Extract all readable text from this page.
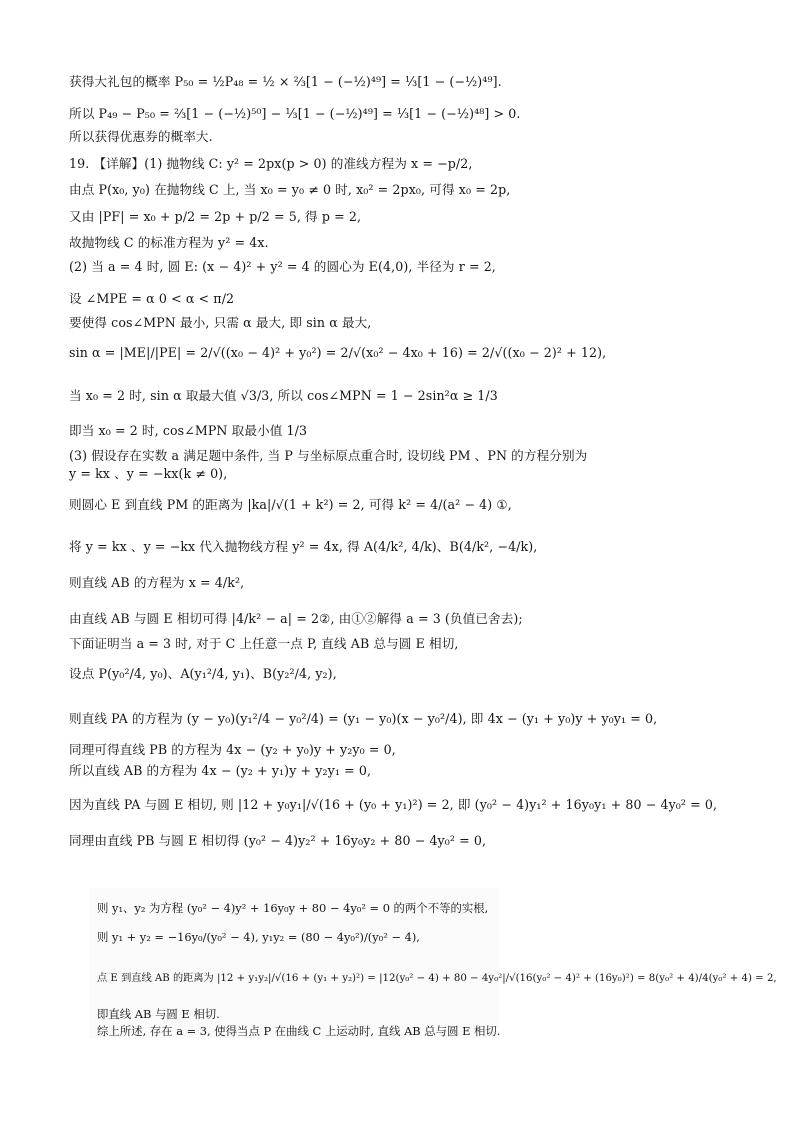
获得大礼包的概率 P₅₀ = ½P₄₈ = ½ × ⅔[1 − (−½)⁴⁹] = ⅓[1 − (−½)⁴⁹].
所以 P₄₉ − P₅₀ = ⅔[1 − (−½)⁵⁰] − ⅓[1 − (−½)⁴⁹] = ⅓[1 − (−½)⁴⁸] > 0.
所以获得优惠券的概率大.
19. 【详解】(1) 抛物线 C: y² = 2px(p > 0) 的准线方程为 x = −p/2,
由点 P(x₀, y₀) 在抛物线 C 上, 当 x₀ = y₀ ≠ 0 时, x₀² = 2px₀, 可得 x₀ = 2p,
又由 |PF| = x₀ + p/2 = 2p + p/2 = 5, 得 p = 2,
故抛物线 C 的标准方程为 y² = 4x.
(2) 当 a = 4 时, 圆 E: (x − 4)² + y² = 4 的圆心为 E(4,0), 半径为 r = 2,
设 ∠MPE = α 0 < α < π/2
要使得 cos∠MPN 最小, 只需 α 最大, 即 sin α 最大,
sin α = |ME|/|PE| = 2/√((x₀ − 4)² + y₀²) = 2/√(x₀² − 4x₀ + 16) = 2/√((x₀ − 2)² + 12),
当 x₀ = 2 时, sin α 取最大值 √3/3, 所以 cos∠MPN = 1 − 2sin²α ≥ 1/3
即当 x₀ = 2 时, cos∠MPN 取最小值 1/3
(3) 假设存在实数 a 满足题中条件, 当 P 与坐标原点重合时, 设切线 PM 、PN 的方程分别为
y = kx 、y = −kx(k ≠ 0),
则圆心 E 到直线 PM 的距离为 |ka|/√(1 + k²) = 2, 可得 k² = 4/(a² − 4) ①,
将 y = kx 、y = −kx 代入抛物线方程 y² = 4x, 得 A(4/k², 4/k)、B(4/k², −4/k),
则直线 AB 的方程为 x = 4/k²,
由直线 AB 与圆 E 相切可得 |4/k² − a| = 2②, 由①②解得 a = 3 (负值已舍去);
下面证明当 a = 3 时, 对于 C 上任意一点 P, 直线 AB 总与圆 E 相切,
设点 P(y₀²/4, y₀)、A(y₁²/4, y₁)、B(y₂²/4, y₂),
则直线 PA 的方程为 (y − y₀)(y₁²/4 − y₀²/4) = (y₁ − y₀)(x − y₀²/4), 即 4x − (y₁ + y₀)y + y₀y₁ = 0,
同理可得直线 PB 的方程为 4x − (y₂ + y₀)y + y₂y₀ = 0,
所以直线 AB 的方程为 4x − (y₂ + y₁)y + y₂y₁ = 0,
因为直线 PA 与圆 E 相切, 则 |12 + y₀y₁|/√(16 + (y₀ + y₁)²) = 2, 即 (y₀² − 4)y₁² + 16y₀y₁ + 80 − 4y₀² = 0,
同理由直线 PB 与圆 E 相切得 (y₀² − 4)y₂² + 16y₀y₂ + 80 − 4y₀² = 0,
则 y₁、y₂ 为方程 (y₀² − 4)y² + 16y₀y + 80 − 4y₀² = 0 的两个不等的实根,
则 y₁ + y₂ = −16y₀/(y₀² − 4), y₁y₂ = (80 − 4y₀²)/(y₀² − 4),
点 E 到直线 AB 的距离为 |12 + y₁y₂|/√(16 + (y₁ + y₂)²) = |12(y₀² − 4) + 80 − 4y₀²|/√(16(y₀² − 4)² + (16y₀)²) = 8(y₀² + 4)/4(y₀² + 4) = 2,
即直线 AB 与圆 E 相切.
综上所述, 存在 a = 3, 使得当点 P 在曲线 C 上运动时, 直线 AB 总与圆 E 相切.
